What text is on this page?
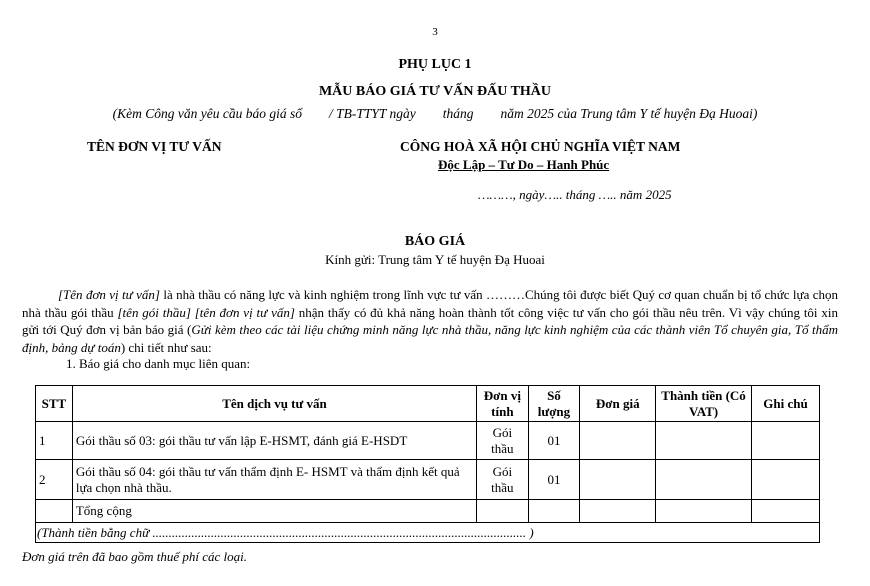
3
PHỤ LỤC 1
MẪU BÁO GIÁ TƯ VẤN ĐẤU THẦU
(Kèm Công văn yêu cầu báo giá số        / TB-TTYT ngày        tháng        năm 2025 của Trung tâm Y tế huyện Đạ Huoai)
TÊN ĐƠN VỊ TƯ VẤN	CÔNG HOÀ XÃ HỘI CHỦ NGHĨA VIỆT NAM
Độc Lập – Tư Do – Hanh Phúc
………, ngày….. tháng ….. năm 2025
BÁO GIÁ
Kính gửi: Trung tâm Y tế huyện Đạ Huoai
[Tên đơn vị tư vấn] là nhà thầu có năng lực và kinh nghiệm trong lĩnh vực tư vấn ………Chúng tôi được biết Quý cơ quan chuẩn bị tổ chức lựa chọn nhà thầu gói thầu [tên gói thầu] [tên đơn vị tư vấn] nhận thấy có đủ khả năng hoàn thành tốt công việc tư vấn cho gói thầu nêu trên. Vì vậy chúng tôi xin gửi tới Quý đơn vị bản báo giá (Gửi kèm theo các tài liệu chứng minh năng lực nhà thầu, năng lực kinh nghiệm của các thành viên Tổ chuyên gia, Tổ thẩm định, bảng dự toán) chi tiết như sau:
1. Báo giá cho danh mục liên quan:
STT	Tên dịch vụ tư vấn	Đơn vị tính	Số lượng	Đơn giá	Thành tiền (Có VAT)	Ghi chú
1	Gói thầu số 03: gói thầu tư vấn lập E-HSMT, đánh giá E-HSDT	Gói thầu	01			
2	Gói thầu số 04: gói thầu tư vấn thẩm định E- HSMT và thẩm định kết quả lựa chọn nhà thầu.	Gói thầu	01			
	Tổng cộng					
(Thành tiền bằng chữ ................................................................................................................... )						
Đơn giá trên đã bao gồm thuế phí các loại.
